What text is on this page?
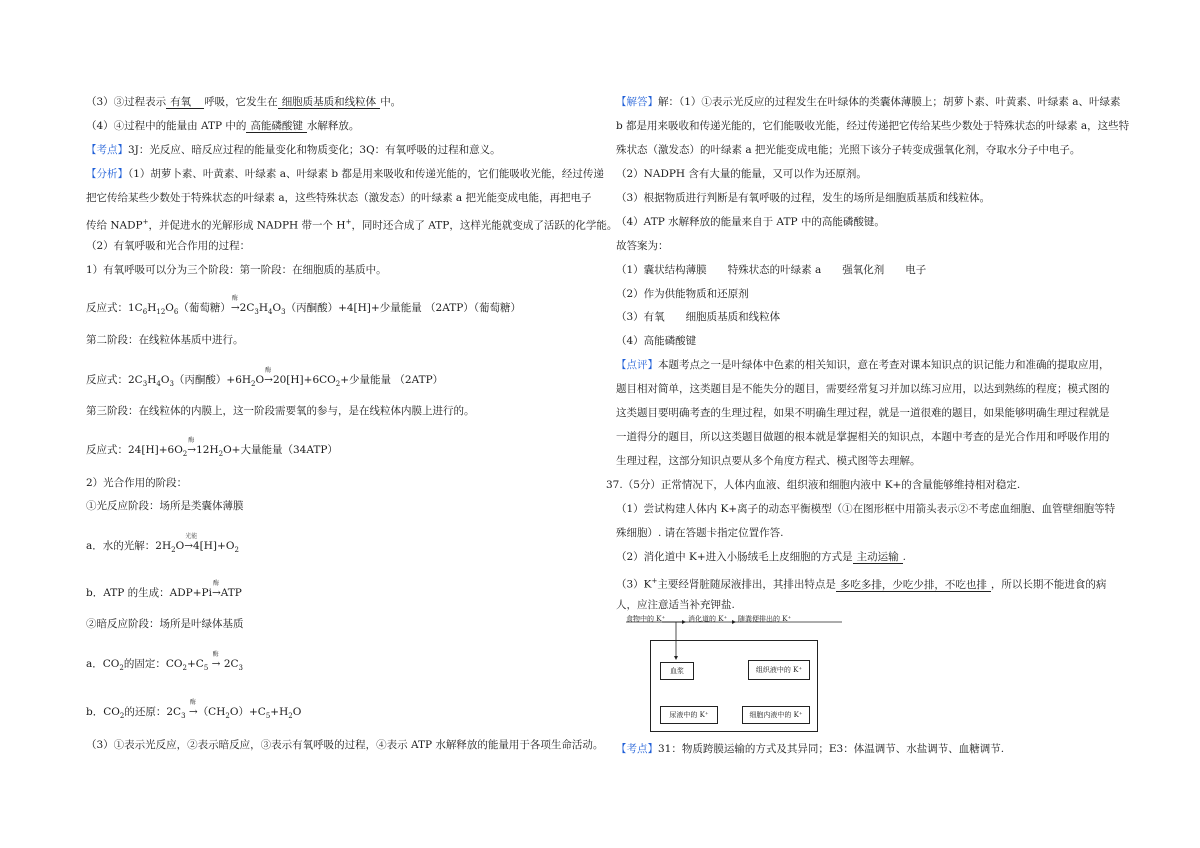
（3）③过程表示 有氧 呼吸，它发生在 细胞质基质和线粒体 中。
（4）④过程中的能量由 ATP 中的 高能磷酸键 水解释放。
【考点】3J：光反应、暗反应过程的能量变化和物质变化；3Q：有氧呼吸的过程和意义。
【分析】（1）胡萝卜素、叶黄素、叶绿素 a、叶绿素 b 都是用来吸收和传递光能的，它们能吸收光能，经过传递
把它传给某些少数处于特殊状态的叶绿素 a，这些特殊状态（激发态）的叶绿素 a 把光能变成电能，再把电子
传给 NADP+，并促进水的光解形成 NADPH 带一个 H+，同时还合成了 ATP，这样光能就变成了活跃的化学能。
（2）有氧呼吸和光合作用的过程：
1）有氧呼吸可以分为三个阶段：第一阶段：在细胞质的基质中。
反应式：$1C_6H_{12}O_6$（葡萄糖）
酶
$\to 2C_3H_4O_3$（丙酮酸）+4[H]+少量能量 （2ATP）（葡萄糖）
第二阶段：在线粒体基质中进行。
反应式：$2C_3H_4O_3$（丙酮酸）$+6H_2O$
酶
$\to 20[H]+6CO_2+$少量能量 （2ATP）
第三阶段：在线粒体的内膜上，这一阶段需要氧的参与，是在线粒体内膜上进行的。
反应式：$24[H]+6O_2$
酶
$\to 12H_2O+$大量能量（34ATP）
2）光合作用的阶段：
①光反应阶段：场所是类囊体薄膜
a．水的光解：$2H_2O$
光能
$\to 4[H]+O_2$
b．ATP 的生成：ADP+Pi
酶
→ATP
②暗反应阶段：场所是叶绿体基质
a．$CO_2$的固定：$CO_2+C_5$
酶
→ $2C_3$
b．$CO_2$的还原：$2C_3$
酶
$\to(CH_2O)+C_5+H_2O$
（3）①表示光反应，②表示暗反应，③表示有氧呼吸的过程，④表示 ATP 水解释放的能量用于各项生命活动。
【解答】解：（1）①表示光反应的过程发生在叶绿体的类囊体薄膜上；胡萝卜素、叶黄素、叶绿素 a、叶绿素
b 都是用来吸收和传递光能的，它们能吸收光能，经过传递把它传给某些少数处于特殊状态的叶绿素 a，这些特
殊状态（激发态）的叶绿素 a 把光能变成电能；光照下该分子转变成强氧化剂，夺取水分子中电子。
（2）NADPH 含有大量的能量，又可以作为还原剂。
（3）根据物质进行判断是有氧呼吸的过程，发生的场所是细胞质基质和线粒体。
（4）ATP 水解释放的能量来自于 ATP 中的高能磷酸键。
故答案为：
（1）囊状结构薄膜　　特殊状态的叶绿素 a　　强氧化剂　　电子
（2）作为供能物质和还原剂
（3）有氧　　细胞质基质和线粒体
（4）高能磷酸键
【点评】本题考点之一是叶绿体中色素的相关知识，意在考查对课本知识点的识记能力和准确的提取应用，
题目相对简单，这类题目是不能失分的题目，需要经常复习并加以练习应用，以达到熟练的程度；模式图的
这类题目要明确考查的生理过程，如果不明确生理过程，就是一道很难的题目，如果能够明确生理过程就是
一道得分的题目，所以这类题目做题的根本就是掌握相关的知识点，本题中考查的是光合作用和呼吸作用的
生理过程，这部分知识点要从多个角度方程式、模式图等去理解。
37.（5分）正常情况下，人体内血液、组织液和细胞内液中 K+的含量能够维持相对稳定.
（1）尝试构建人体内 K+离子的动态平衡模型（①在图形框中用箭头表示②不考虑血细胞、血管壁细胞等特
殊细胞）. 请在答题卡指定位置作答.
（2）消化道中 K+进入小肠绒毛上皮细胞的方式是 主动运输 .
（3）K+主要经肾脏随尿液排出，其排出特点是 多吃多排，少吃少排，不吃也排 ，所以长期不能进食的病
人，应注意适当补充钾盐.
【考点】31：物质跨膜运输的方式及其异同；E3：体温调节、水盐调节、血糖调节.
食物中的 K⁺	消化道的 K⁺ 随粪便排出的 K⁺
血浆	组织液中的 K⁺
尿液中的 K⁺	细胞内液中的 K⁺
